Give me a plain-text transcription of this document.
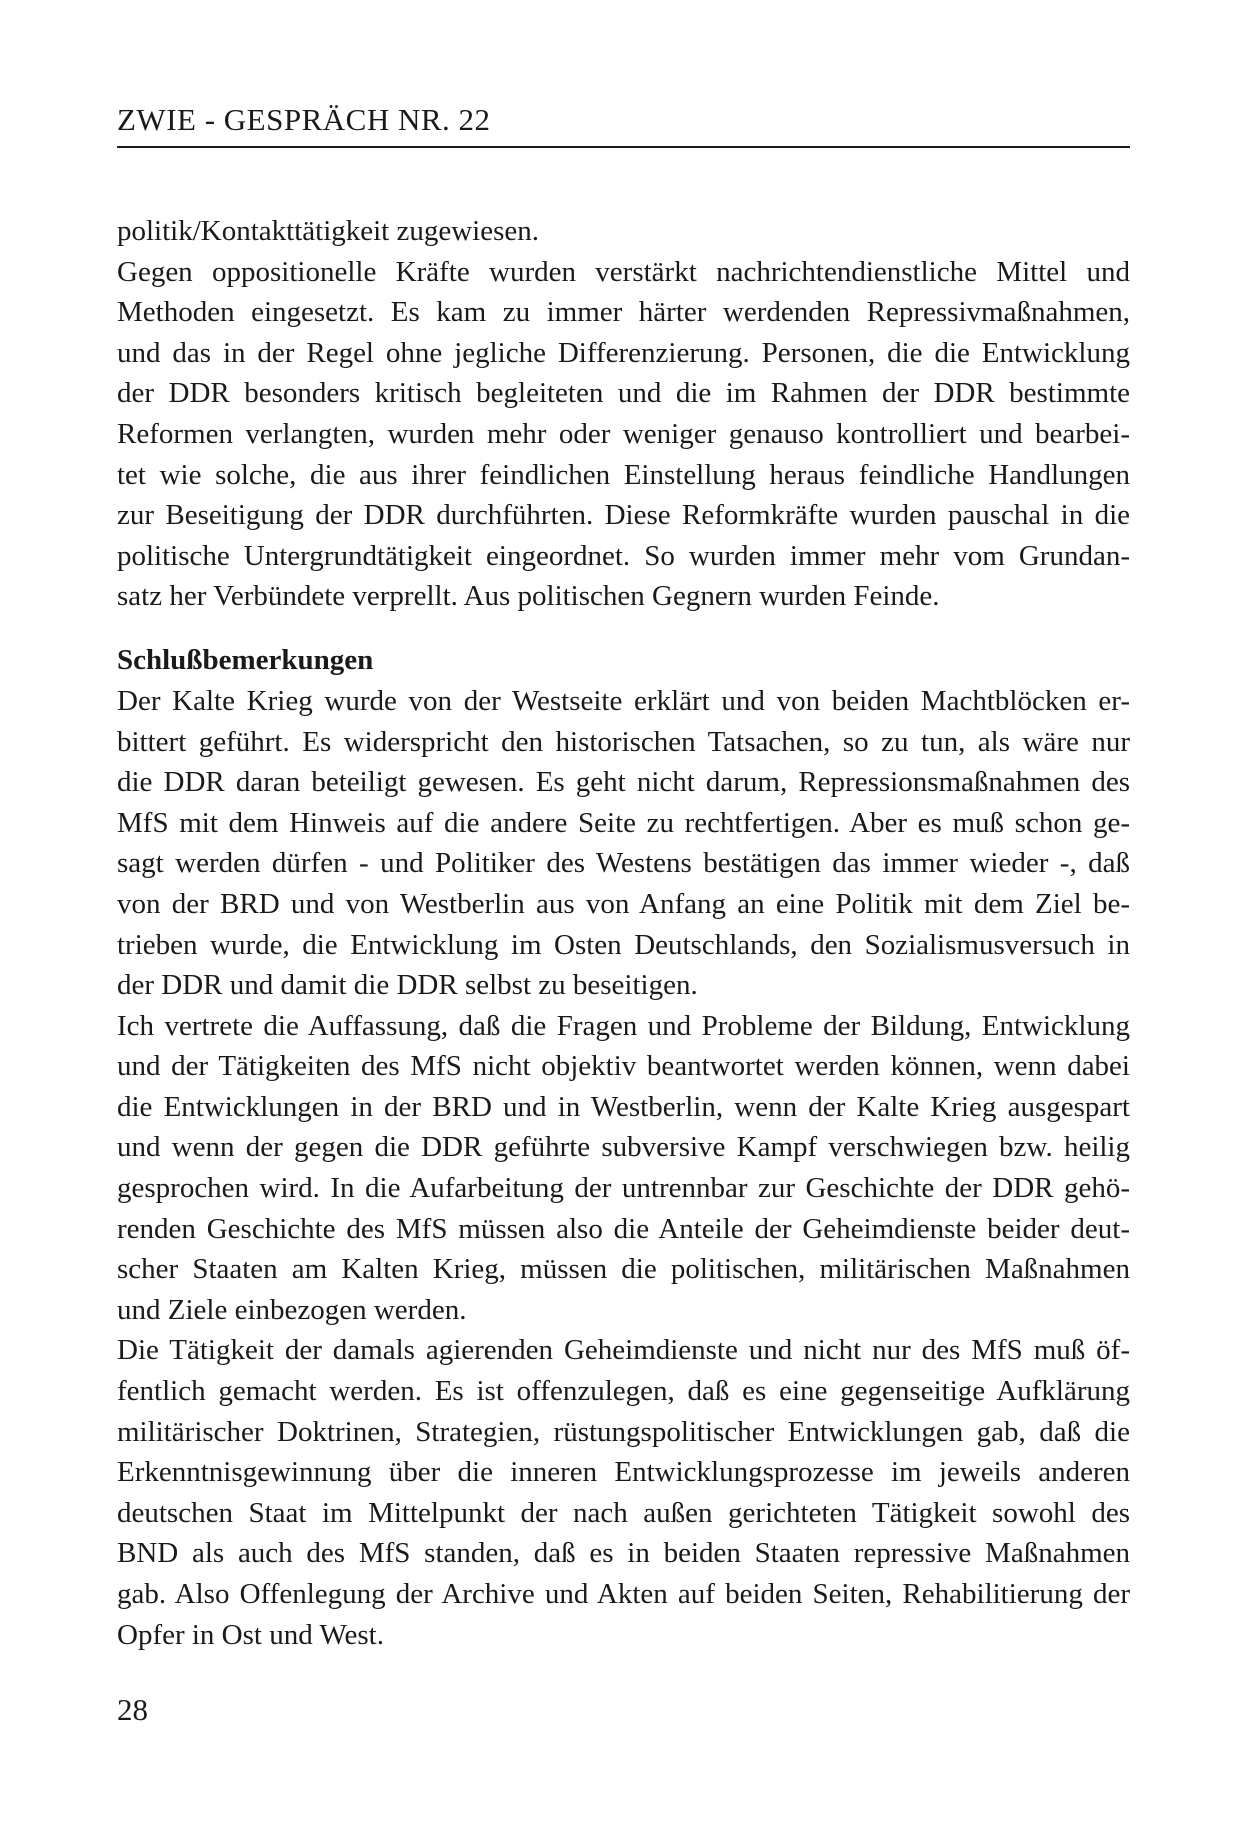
ZWIE - GESPRÄCH NR. 22
politik/Kontakttätigkeit zugewiesen.
Gegen oppositionelle Kräfte wurden verstärkt nachrichtendienstliche Mittel und
Methoden eingesetzt. Es kam zu immer härter werdenden Repressivmaßnahmen,
und das in der Regel ohne jegliche Differenzierung. Personen, die die Entwicklung
der DDR besonders kritisch begleiteten und die im Rahmen der DDR bestimmte
Reformen verlangten, wurden mehr oder weniger genauso kontrolliert und bearbei-
tet wie solche, die aus ihrer feindlichen Einstellung heraus feindliche Handlungen
zur Beseitigung der DDR durchführten. Diese Reformkräfte wurden pauschal in die
politische Untergrundtätigkeit eingeordnet. So wurden immer mehr vom Grundan-
satz her Verbündete verprellt. Aus politischen Gegnern wurden Feinde.
Schlußbemerkungen
Der Kalte Krieg wurde von der Westseite erklärt und von beiden Machtblöcken er-
bittert geführt. Es widerspricht den historischen Tatsachen, so zu tun, als wäre nur
die DDR daran beteiligt gewesen. Es geht nicht darum, Repressionsmaßnahmen des
MfS mit dem Hinweis auf die andere Seite zu rechtfertigen. Aber es muß schon ge-
sagt werden dürfen - und Politiker des Westens bestätigen das immer wieder -, daß
von der BRD und von Westberlin aus von Anfang an eine Politik mit dem Ziel be-
trieben wurde, die Entwicklung im Osten Deutschlands, den Sozialismusversuch in
der DDR und damit die DDR selbst zu beseitigen.
Ich vertrete die Auffassung, daß die Fragen und Probleme der Bildung, Entwicklung
und der Tätigkeiten des MfS nicht objektiv beantwortet werden können, wenn dabei
die Entwicklungen in der BRD und in Westberlin, wenn der Kalte Krieg ausgespart
und wenn der gegen die DDR geführte subversive Kampf verschwiegen bzw. heilig
gesprochen wird. In die Aufarbeitung der untrennbar zur Geschichte der DDR gehö-
renden Geschichte des MfS müssen also die Anteile der Geheimdienste beider deut-
scher Staaten am Kalten Krieg, müssen die politischen, militärischen Maßnahmen
und Ziele einbezogen werden.
Die Tätigkeit der damals agierenden Geheimdienste und nicht nur des MfS muß öf-
fentlich gemacht werden. Es ist offenzulegen, daß es eine gegenseitige Aufklärung
militärischer Doktrinen, Strategien, rüstungspolitischer Entwicklungen gab, daß die
Erkenntnisgewinnung über die inneren Entwicklungsprozesse im jeweils anderen
deutschen Staat im Mittelpunkt der nach außen gerichteten Tätigkeit sowohl des
BND als auch des MfS standen, daß es in beiden Staaten repressive Maßnahmen
gab. Also Offenlegung der Archive und Akten auf beiden Seiten, Rehabilitierung der
Opfer in Ost und West.
28
